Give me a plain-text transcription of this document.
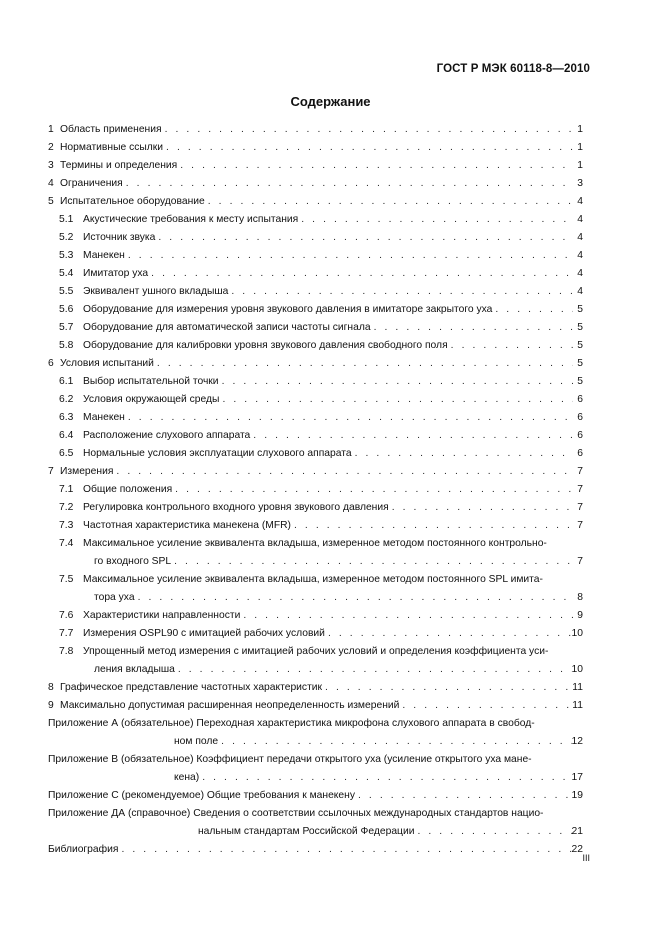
ГОСТ Р МЭК 60118-8—2010
Содержание
1 Область применения . . .	1
2 Нормативные ссылки . . .	1
3 Термины и определения . . .	1
4 Ограничения . . .	3
5 Испытательное оборудование . . .	4
5.1 Акустические требования к месту испытания . . .	4
5.2 Источник звука . . .	4
5.3 Манекен . . .	4
5.4 Имитатор уха . . .	4
5.5 Эквивалент ушного вкладыша . . .	4
5.6 Оборудование для измерения уровня звукового давления в имитаторе закрытого уха . . .	5
5.7 Оборудование для автоматической записи частоты сигнала . . .	5
5.8 Оборудование для калибровки уровня звукового давления свободного поля . . .	5
6 Условия испытаний . . .	5
6.1 Выбор испытательной точки . . .	5
6.2 Условия окружающей среды . . .	6
6.3 Манекен . . .	6
6.4 Расположение слухового аппарата . . .	6
6.5 Нормальные условия эксплуатации слухового аппарата . . .	6
7 Измерения . . .	7
7.1 Общие положения . . .	7
7.2 Регулировка контрольного входного уровня звукового давления . . .	7
7.3 Частотная характеристика манекена (MFR) . . .	7
7.4 Максимальное усиление эквивалента вкладыша, измеренное методом постоянного контрольно-
го входного SPL . . .	7
7.5 Максимальное усиление эквивалента вкладыша, измеренное методом постоянного SPL имита-
тора уха . . .	8
7.6 Характеристики направленности . . .	9
7.7 Измерения OSPL90 с имитацией рабочих условий . . .	10
7.8 Упрощенный метод измерения с имитацией рабочих условий и определения коэффициента уси-
ления вкладыша . . .	10
8 Графическое представление частотных характеристик . . .	11
9 Максимально допустимая расширенная неопределенность измерений . . .	11
Приложение А (обязательное) Переходная характеристика микрофона слухового аппарата в свобод-
ном поле . . .	12
Приложение В (обязательное) Коэффициент передачи открытого уха (усиление открытого уха мане-
кена) . . .	17
Приложение С (рекомендуемое) Общие требования к манекену . . .	19
Приложение ДА (справочное) Сведения о соответствии ссылочных международных стандартов нацио-
нальным стандартам Российской Федерации . . .	21
Библиография . . .	22
III
